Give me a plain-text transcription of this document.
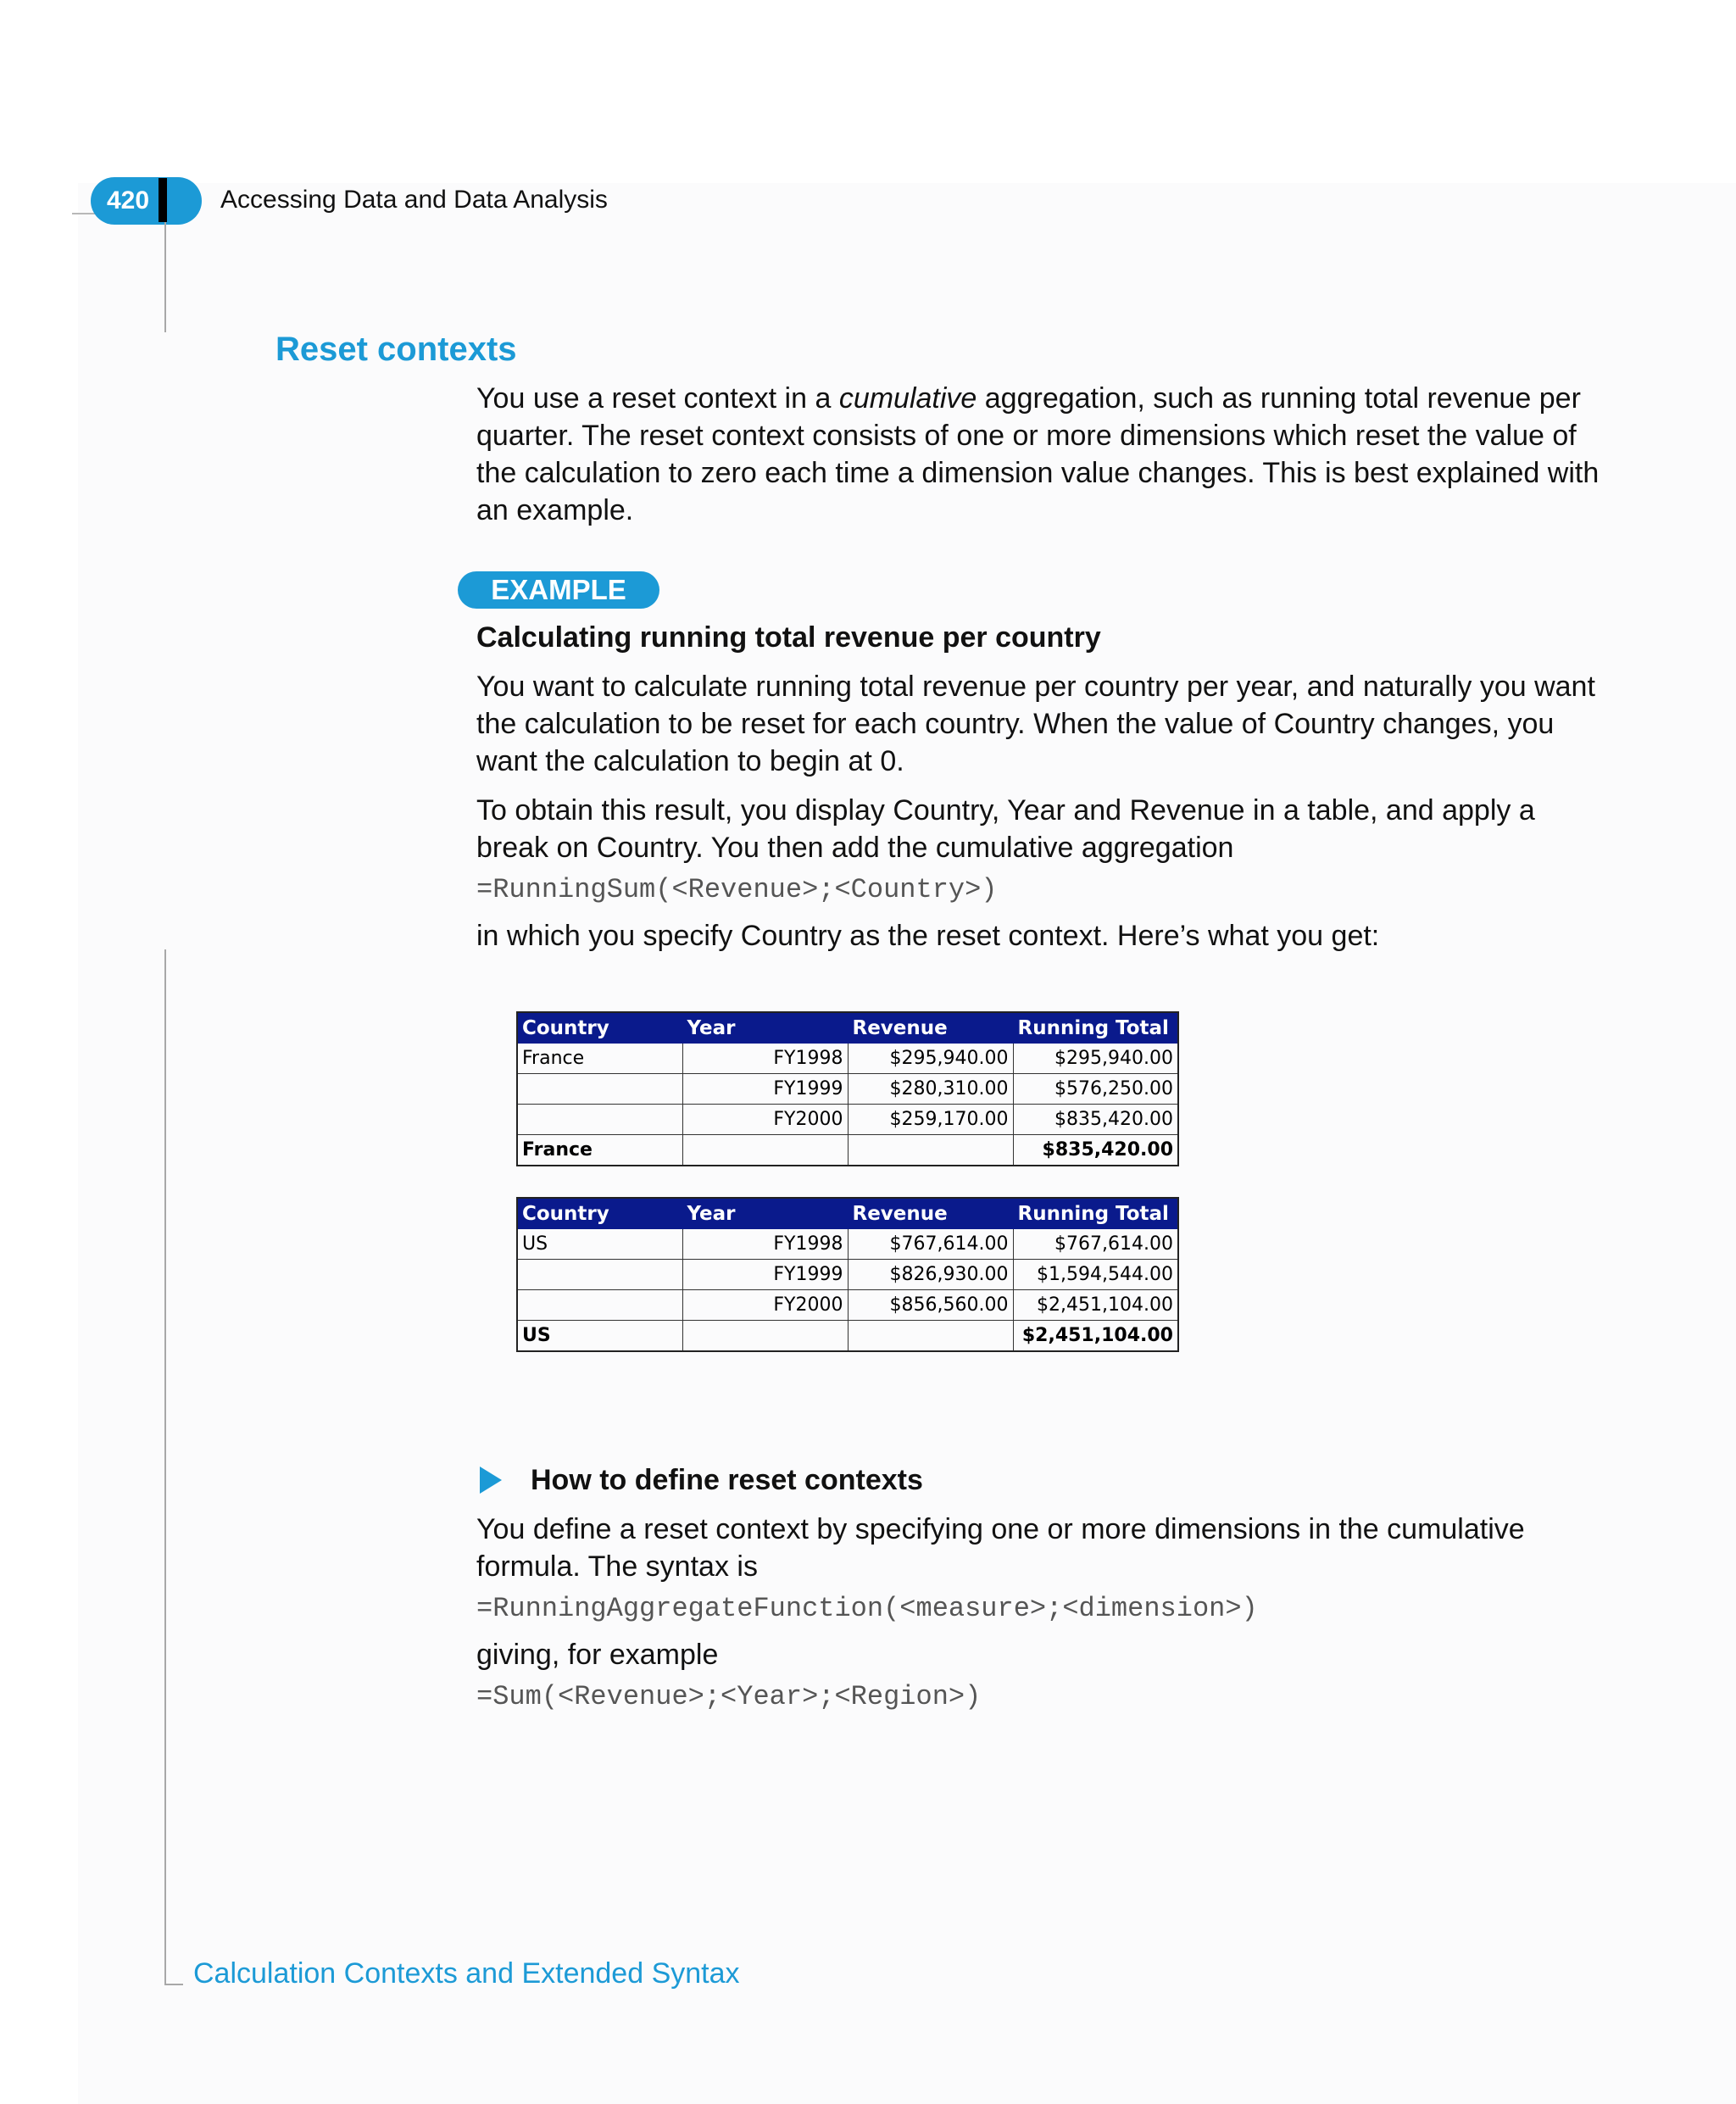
420	Accessing Data and Data Analysis
Reset contexts
You use a reset context in a cumulative aggregation, such as running total revenue per quarter. The reset context consists of one or more dimensions which reset the value of the calculation to zero each time a dimension value changes. This is best explained with an example.
EXAMPLE
Calculating running total revenue per country
You want to calculate running total revenue per country per year, and naturally you want the calculation to be reset for each country. When the value of Country changes, you want the calculation to begin at 0.
To obtain this result, you display Country, Year and Revenue in a table, and apply a break on Country. You then add the cumulative aggregation
=RunningSum(<Revenue>;<Country>)
in which you specify Country as the reset context. Here’s what you get:
Country	Year	Revenue	Running Total
France	FY1998	$295,940.00	$295,940.00
	FY1999	$280,310.00	$576,250.00
	FY2000	$259,170.00	$835,420.00
France			$835,420.00
Country	Year	Revenue	Running Total
US	FY1998	$767,614.00	$767,614.00
	FY1999	$826,930.00	$1,594,544.00
	FY2000	$856,560.00	$2,451,104.00
US			$2,451,104.00
How to define reset contexts
You define a reset context by specifying one or more dimensions in the cumulative formula. The syntax is
=RunningAggregateFunction(<measure>;<dimension>)
giving, for example
=Sum(<Revenue>;<Year>;<Region>)
Calculation Contexts and Extended Syntax
